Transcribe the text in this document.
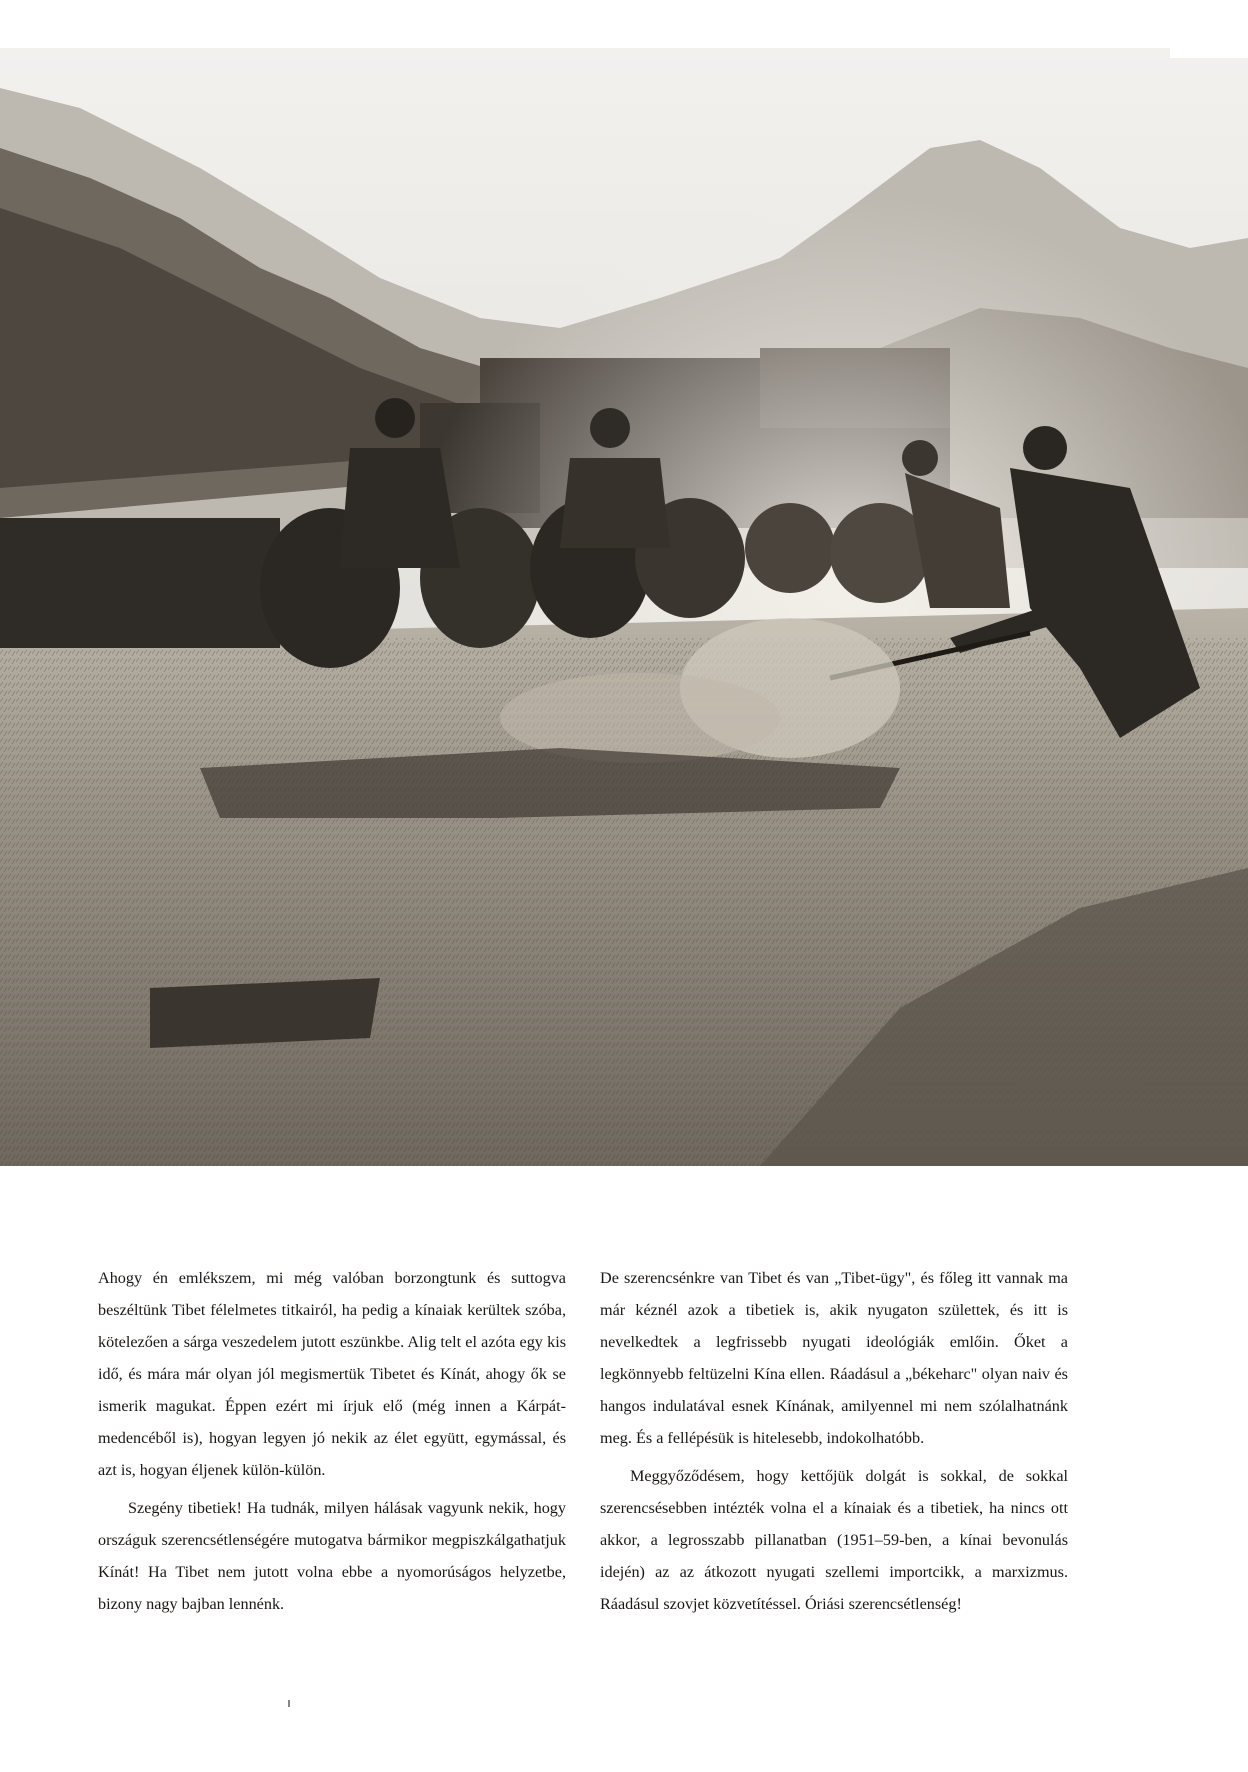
Ahogy én emlékszem, mi még valóban borzongtunk és suttogva beszéltünk Tibet félelmetes titkairól, ha pedig a kínaiak kerültek szóba, kötelezően a sárga veszedelem jutott eszünkbe. Alig telt el azóta egy kis idő, és mára már olyan jól megismertük Tibetet és Kínát, ahogy ők se ismerik magukat. Éppen ezért mi írjuk elő (még innen a Kárpát-medencéből is), hogyan legyen jó nekik az élet együtt, egymással, és azt is, hogyan éljenek külön-külön.

Szegény tibetiek! Ha tudnák, milyen hálásak vagyunk nekik, hogy országuk szerencsétlenségére mutogatva bármikor megpiszkálgathatjuk Kínát! Ha Tibet nem jutott volna ebbe a nyomorúságos helyzetbe, bizony nagy bajban lennénk.

De szerencsénkre van Tibet és van „Tibet-ügy", és főleg itt vannak ma már kéznél azok a tibetiek is, akik nyugaton születtek, és itt is nevelkedtek a legfrissebb nyugati ideológiák emlőin. Őket a legkönnyebb feltüzelni Kína ellen. Ráadásul a „békeharc" olyan naiv és hangos indulatával esnek Kínának, amilyennel mi nem szólalhatnánk meg. És a fellépésük is hitelesebb, indokolhatóbb.

Meggyőződésem, hogy kettőjük dolgát is sokkal, de sokkal szerencsésebben intézték volna el a kínaiak és a tibetiek, ha nincs ott akkor, a legrosszabb pillanatban (1951–59-ben, a kínai bevonulás idején) az az átkozott nyugati szellemi importcikk, a marxizmus. Ráadásul szovjet közvetítéssel. Óriási szerencsétlenség!
